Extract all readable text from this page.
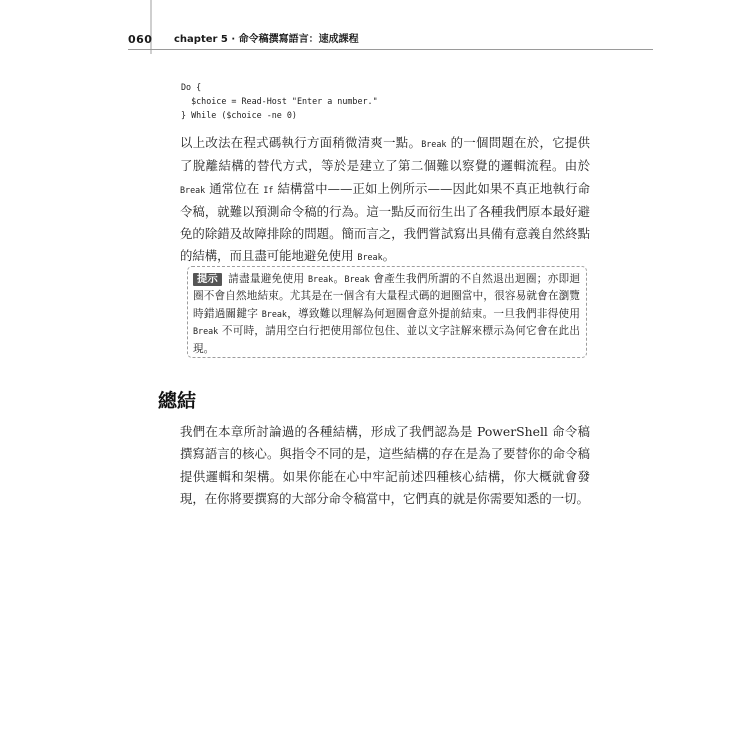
060 chapter 5 · 命令稿撰寫語言：速成課程
Do {
$choice = Read-Host "Enter a number."
} While ($choice -ne 0)

以上改法在程式碼執行方面稍微清爽一點。Break 的一個問題在於，它提供了脫離結構的替代方式，等於是建立了第二個難以察覺的邏輯流程。由於 Break 通常位在 If 結構當中——正如上例所示——因此如果不真正地執行命令稿，就難以預測命令稿的行為。這一點反而衍生出了各種我們原本最好避免的除錯及故障排除的問題。簡而言之，我們嘗試寫出具備有意義自然終點的結構，而且盡可能地避免使用 Break。

提示 請盡量避免使用 Break。Break 會產生我們所謂的不自然退出迴圈；亦即迴圈不會自然地結束。尤其是在一個含有大量程式碼的迴圈當中，很容易就會在瀏覽時錯過關鍵字 Break，導致難以理解為何迴圈會意外提前結束。一旦我們非得使用 Break 不可時，請用空白行把使用部位包住、並以文字註解來標示為何它會在此出現。

總結

我們在本章所討論過的各種結構，形成了我們認為是 PowerShell 命令稿撰寫語言的核心。與指令不同的是，這些結構的存在是為了要替你的命令稿提供邏輯和架構。如果你能在心中牢記前述四種核心結構，你大概就會發現，在你將要撰寫的大部分命令稿當中，它們真的就是你需要知悉的一切。
